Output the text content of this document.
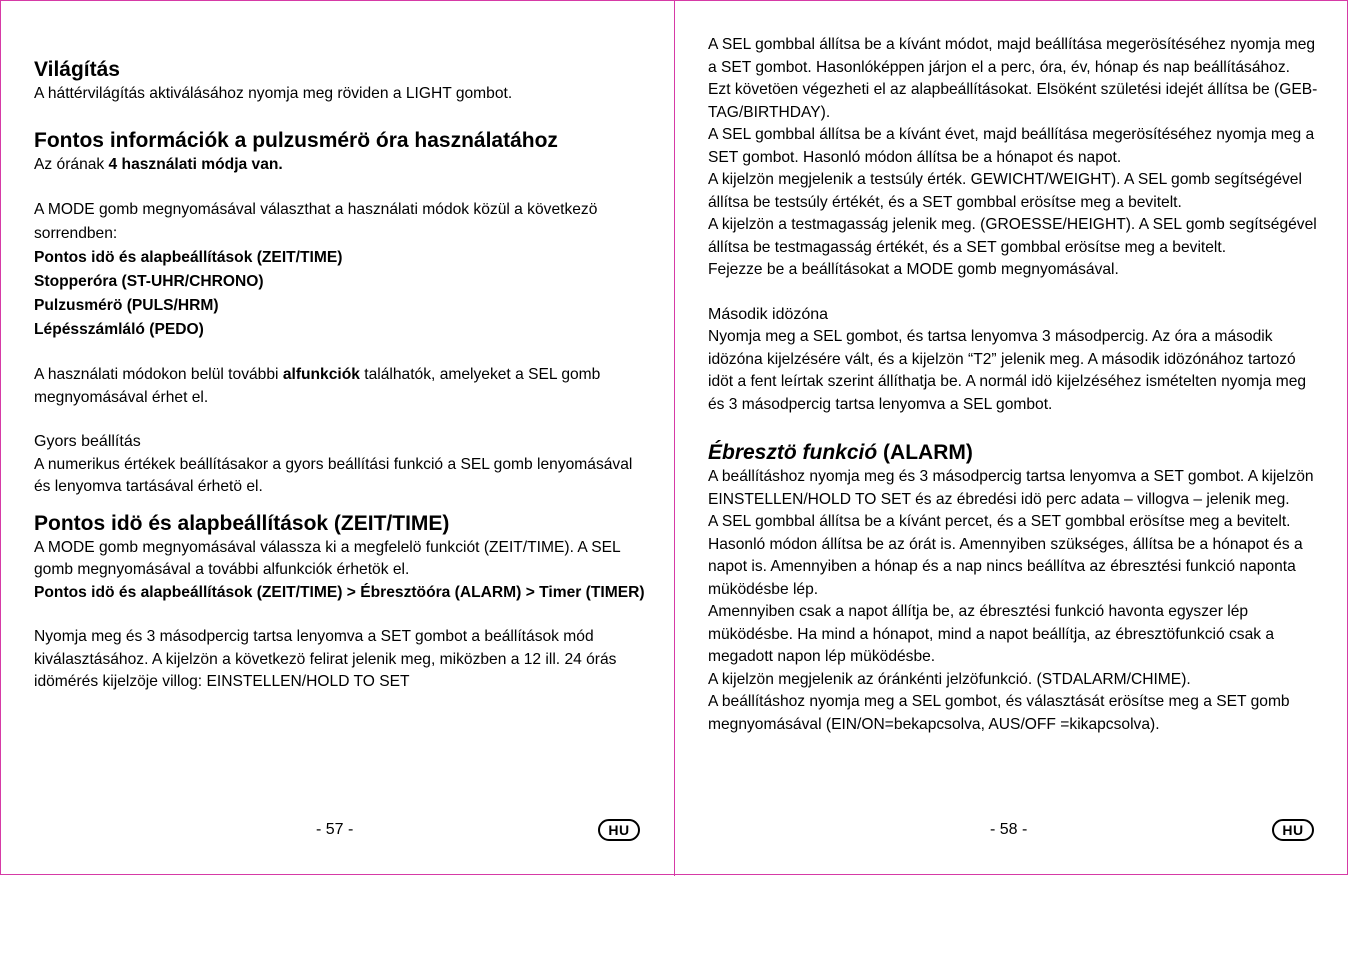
Világítás

A háttérvilágítás aktiválásához nyomja meg röviden a LIGHT gombot.

Fontos információk a pulzusmérö óra használatához

Az órának 4 használati módja van.

A MODE gomb megnyomásával választhat a használati módok közül a következö sorrendben:

Pontos idö és alapbeállítások (ZEIT/TIME)

Stopperóra (ST-UHR/CHRONO)

Pulzusmérö (PULS/HRM)

Lépésszámláló (PEDO)

A használati módokon belül további alfunkciók találhatók, amelyeket a SEL gomb megnyomásával érhet el.

Gyors beállítás

A numerikus értékek beállításakor a gyors beállítási funkció a SEL gomb lenyomásával és lenyomva tartásával érhetö el.

Pontos idö és alapbeállítások (ZEIT/TIME)

A MODE gomb megnyomásával válassza ki a megfelelö funkciót (ZEIT/TIME). A SEL gomb megnyomásával a további alfunkciók érhetök el.

Pontos idö és alapbeállítások (ZEIT/TIME) > Ébresztöóra (ALARM) > Timer (TIMER)

Nyomja meg és 3 másodpercig tartsa lenyomva a SET gombot a beállítások mód kiválasztásához. A kijelzön a következö felirat jelenik meg, miközben a 12 ill. 24 órás idömérés kijelzöje villog: EINSTELLEN/HOLD TO SET

- 57 -	HU

A SEL gombbal állítsa be a kívánt módot, majd beállítása megerösítéséhez nyomja meg a SET gombot. Hasonlóképpen járjon el a perc, óra, év, hónap és nap beállításához.

Ezt követöen végezheti el az alapbeállításokat. Elsöként születési idejét állítsa be (GEB-TAG/BIRTHDAY).

A SEL gombbal állítsa be a kívánt évet, majd beállítása megerösítéséhez nyomja meg a SET gombot. Hasonló módon állítsa be a hónapot és napot.

A kijelzön megjelenik a testsúly érték. GEWICHT/WEIGHT). A SEL gomb segítségével állítsa be testsúly értékét, és a SET gombbal erösítse meg a bevitelt.

A kijelzön a testmagasság jelenik meg. (GROESSE/HEIGHT). A SEL gomb segítségével állítsa be testmagasság értékét, és a SET gombbal erösítse meg a bevitelt.

Fejezze be a beállításokat a MODE gomb megnyomásával.

Második idözóna

Nyomja meg a SEL gombot, és tartsa lenyomva 3 másodpercig. Az óra a második idözóna kijelzésére vált, és a kijelzön “T2” jelenik meg. A második idözónához tartozó idöt a fent leírtak szerint állíthatja be. A normál idö kijelzéséhez ismételten nyomja meg és 3 másodpercig tartsa lenyomva a SEL gombot.

Ébresztö funkció (ALARM)

A beállításhoz nyomja meg és 3 másodpercig tartsa lenyomva a SET gombot. A kijelzön EINSTELLEN/HOLD TO SET és az ébredési idö perc adata – villogva – jelenik meg.

A SEL gombbal állítsa be a kívánt percet, és a SET gombbal erösítse meg a bevitelt. Hasonló módon állítsa be az órát is. Amennyiben szükséges, állítsa be a hónapot és a napot is. Amennyiben a hónap és a nap nincs beállítva az ébresztési funkció naponta müködésbe lép.

Amennyiben csak a napot állítja be, az ébresztési funkció havonta egyszer lép müködésbe. Ha mind a hónapot, mind a napot beállítja, az ébresztöfunkció csak a megadott napon lép müködésbe.

A kijelzön megjelenik az óránkénti jelzöfunkció. (STDALARM/CHIME).

A beállításhoz nyomja meg a SEL gombot, és választását erösítse meg a SET gomb megnyomásával (EIN/ON=bekapcsolva, AUS/OFF =kikapcsolva).

- 58 -	HU
